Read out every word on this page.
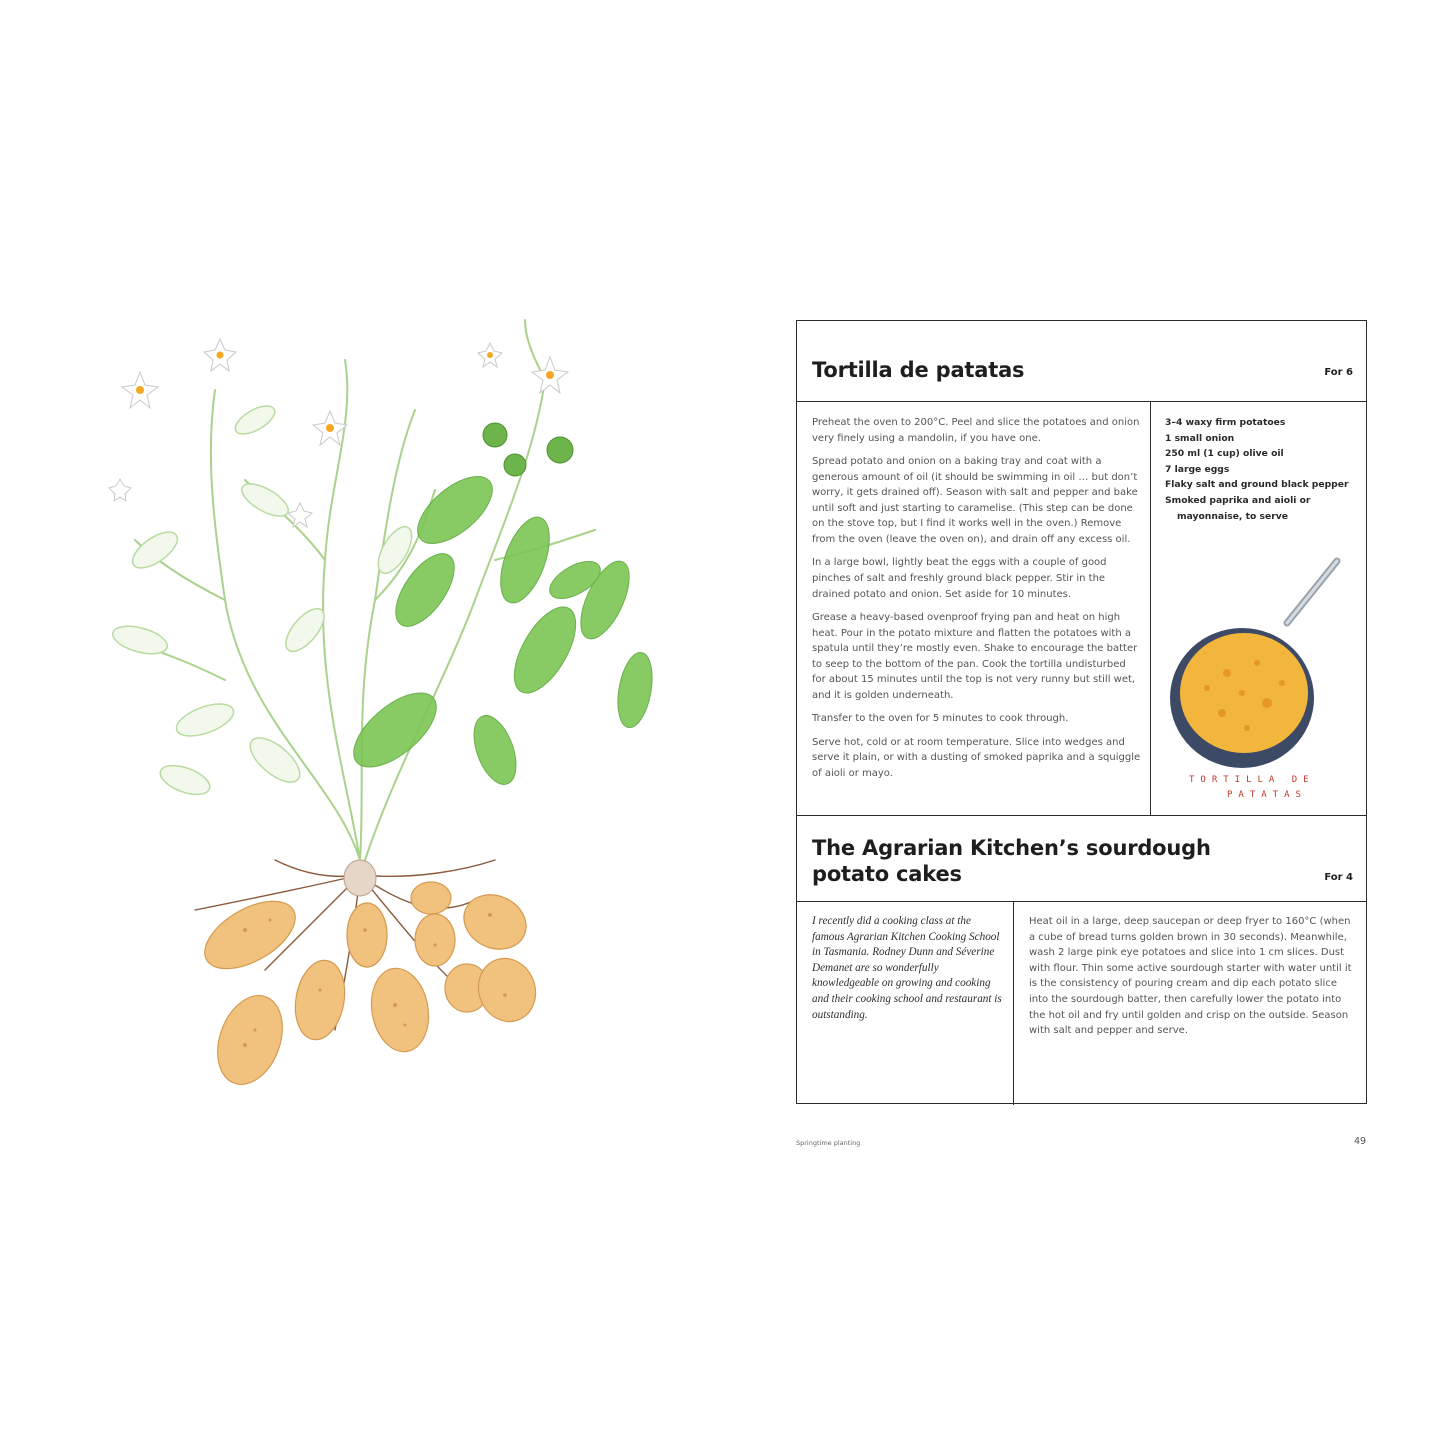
Tortilla de patatas	For 6

Preheat the oven to 200°C. Peel and slice the potatoes and onion very finely using a mandolin, if you have one.

Spread potato and onion on a baking tray and coat with a generous amount of oil (it should be swimming in oil … but don’t worry, it gets drained off). Season with salt and pepper and bake until soft and just starting to caramelise. (This step can be done on the stove top, but I find it works well in the oven.) Remove from the oven (leave the oven on), and drain off any excess oil.

In a large bowl, lightly beat the eggs with a couple of good pinches of salt and freshly ground black pepper. Stir in the drained potato and onion. Set aside for 10 minutes.

Grease a heavy-based ovenproof frying pan and heat on high heat. Pour in the potato mixture and flatten the potatoes with a spatula until they’re mostly even. Shake to encourage the batter to seep to the bottom of the pan. Cook the tortilla undisturbed for about 15 minutes until the top is not very runny but still wet, and it is golden underneath.

Transfer to the oven for 5 minutes to cook through.

Serve hot, cold or at room temperature. Slice into wedges and serve it plain, or with a dusting of smoked paprika and a squiggle of aioli or mayo.

3–4 waxy firm potatoes
1 small onion
250 ml (1 cup) olive oil
7 large eggs
Flaky salt and ground black pepper
Smoked paprika and aioli or mayonnaise, to serve
TORTILLA DE
PATATAS
The Agrarian Kitchen’s sourdough
potato cakes	For 4

I recently did a cooking class at the famous Agrarian Kitchen Cooking School in Tasmania. Rodney Dunn and Séverine Demanet are so wonderfully knowledgeable on growing and cooking and their cooking school and restaurant is outstanding.

Heat oil in a large, deep saucepan or deep fryer to 160°C (when a cube of bread turns golden brown in 30 seconds). Meanwhile, wash 2 large pink eye potatoes and slice into 1 cm slices. Dust with flour. Thin some active sourdough starter with water until it is the consistency of pouring cream and dip each potato slice into the sourdough batter, then carefully lower the potato into the hot oil and fry until golden and crisp on the outside. Season with salt and pepper and serve.

Springtime planting	49
